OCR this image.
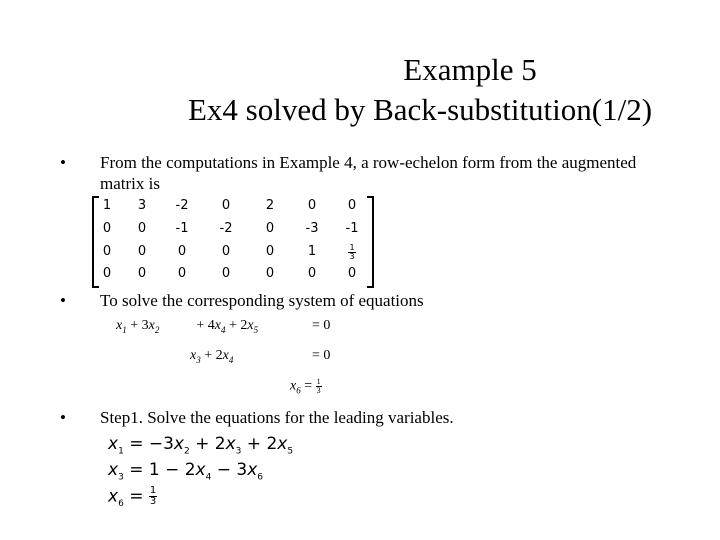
Example 5
Ex4 solved by Back-substitution(1/2)
•	From the computations in Example 4, a row-echelon form from the augmented matrix is
1	3	-2	0	2	0	0
0	0	-1	-2	0	-3	-1
0	0	0	0	0	1	$\frac{1}{3}$
0	0	0	0	0	0	0
•	To solve the corresponding system of equations
$x_1 + 3x_2$	+ $4x_4 + 2x_5$	= 0
$x_3 + 2x_4$	= 0
$x_6 = \frac{1}{3}$
•	Step1. Solve the equations for the leading variables.
$x_1 = -3x_2 + 2x_3 + 2x_5$
$x_3 = 1 - 2x_4 - 3x_6$
$x_6 = \frac{1}{3}$
